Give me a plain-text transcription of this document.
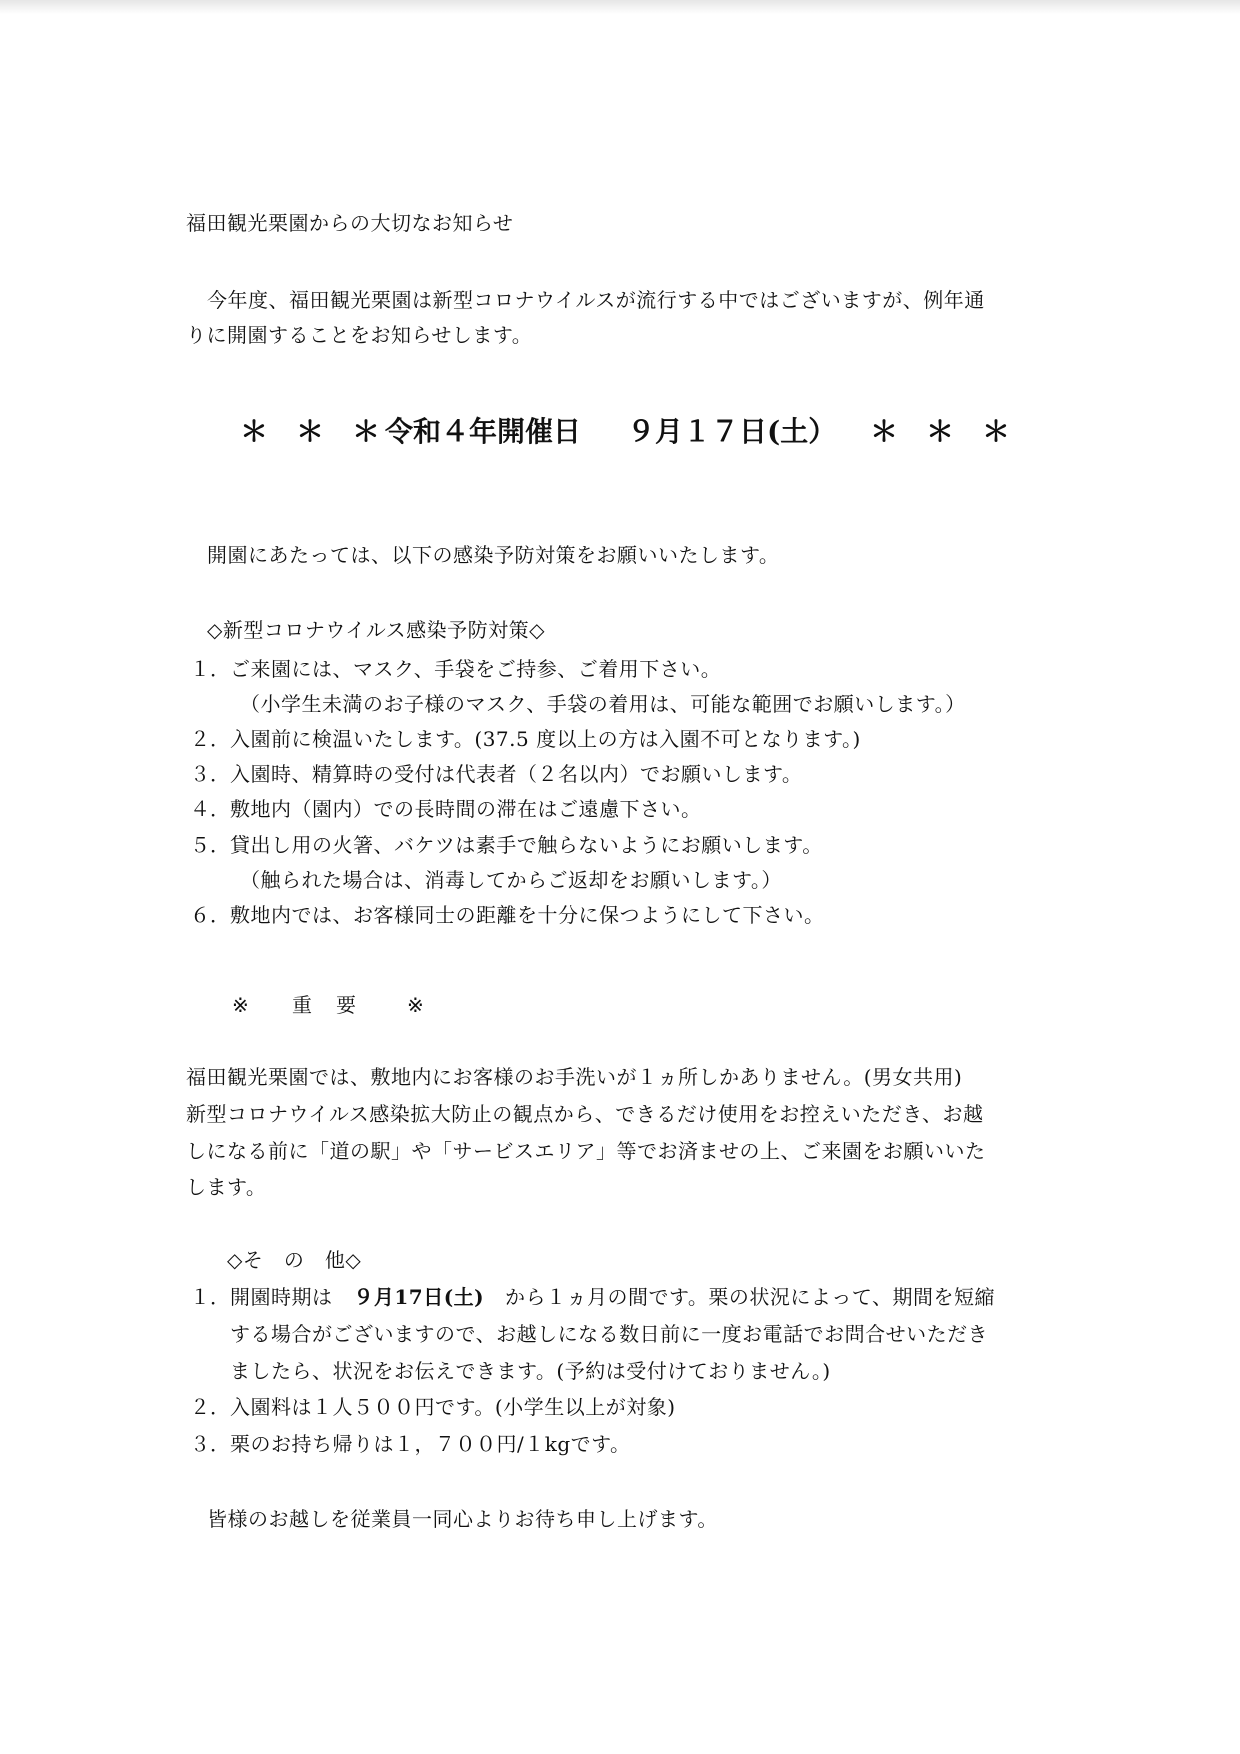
福田観光栗園からの大切なお知らせ
今年度、福田観光栗園は新型コロナウイルスが流行する中ではございますが、例年通
りに開園することをお知らせします。
＊　＊　＊ 令和４年開催日 ９月１７日(土） ＊　＊　＊
開園にあたっては、以下の感染予防対策をお願いいたします。
◇新型コロナウイルス感染予防対策◇
１． ご来園には、マスク、手袋をご持参、ご着用下さい。
（小学生未満のお子様のマスク、手袋の着用は、可能な範囲でお願いします。）
２． 入園前に検温いたします。(37.5 度以上の方は入園不可となります。)
３． 入園時、精算時の受付は代表者（２名以内）でお願いします。
４． 敷地内（園内）での長時間の滞在はご遠慮下さい。
５． 貸出し用の火箸、バケツは素手で触らないようにお願いします。
（触られた場合は、消毒してからご返却をお願いします。）
６． 敷地内では、お客様同士の距離を十分に保つようにして下さい。
※ 重　要 ※
福田観光栗園では、敷地内にお客様のお手洗いが１ヵ所しかありません。(男女共用)
新型コロナウイルス感染拡大防止の観点から、できるだけ使用をお控えいただき、お越
しになる前に「道の駅」や「サービスエリア」等でお済ませの上、ご来園をお願いいた
します。
◇そ　の　他◇
１． 開園時期は ９月17日(土) から１ヵ月の間です。栗の状況によって、期間を短縮
する場合がございますので、お越しになる数日前に一度お電話でお問合せいただき
ましたら、状況をお伝えできます。(予約は受付けておりません。)
２． 入園料は１人５００円です。(小学生以上が対象)
３． 栗のお持ち帰りは１，７００円/１kgです。
皆様のお越しを従業員一同心よりお待ち申し上げます。
